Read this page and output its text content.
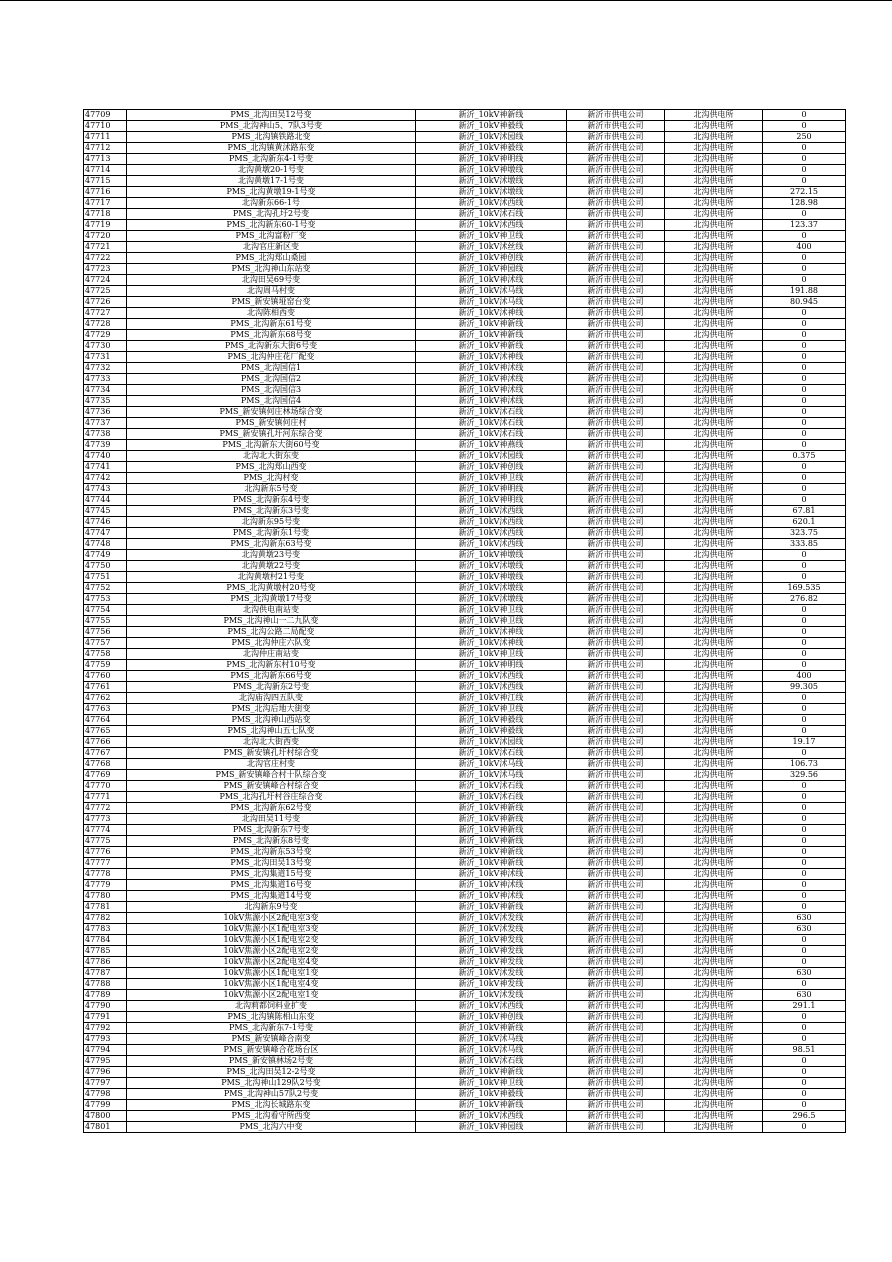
47709	PMS_北沟田吴12号变	新沂_10kV神新线	新沂市供电公司	北沟供电所	0
47710	PMS_北沟神山5、7队3号变	新沂_10kV神毅线	新沂市供电公司	北沟供电所	0
47711	PMS_北沟镇铁路北变	新沂_10kV沭园线	新沂市供电公司	北沟供电所	250
47712	PMS_北沟镇黄沭路东变	新沂_10kV神毅线	新沂市供电公司	北沟供电所	0
47713	PMS_北沟新东4-1号变	新沂_10kV神明线	新沂市供电公司	北沟供电所	0
47714	北沟黄墩20-1号变	新沂_10kV神墩线	新沂市供电公司	北沟供电所	0
47715	北沟黄墩17-1号变	新沂_10kV沭墩线	新沂市供电公司	北沟供电所	0
47716	PMS_北沟黄墩19-1号变	新沂_10kV沭墩线	新沂市供电公司	北沟供电所	272.15
47717	北沟新东66-1号	新沂_10kV沭西线	新沂市供电公司	北沟供电所	128.98
47718	PMS_北沟孔圩2号变	新沂_10kV沭石线	新沂市供电公司	北沟供电所	0
47719	PMS_北沟新东60-1号变	新沂_10kV沭西线	新沂市供电公司	北沟供电所	123.37
47720	PMS_北沟富粉厂变	新沂_10kV神卫线	新沂市供电公司	北沟供电所	0
47721	北沟官庄新区变	新沂_10kV沭丝线	新沂市供电公司	北沟供电所	400
47722	PMS_北沟郑山桑园	新沂_10kV神创线	新沂市供电公司	北沟供电所	0
47723	PMS_北沟神山东站变	新沂_10kV神园线	新沂市供电公司	北沟供电所	0
47724	北沟田吴69号变	新沂_10kV神沭线	新沂市供电公司	北沟供电所	0
47725	北沟周马村变	新沂_10kV沭马线	新沂市供电公司	北沟供电所	191.88
47726	PMS_新安镇垭窑台变	新沂_10kV沭马线	新沂市供电公司	北沟供电所	80.945
47727	北沟陈相西变	新沂_10kV沭神线	新沂市供电公司	北沟供电所	0
47728	PMS_北沟新东61号变	新沂_10kV神新线	新沂市供电公司	北沟供电所	0
47729	PMS_北沟新东68号变	新沂_10kV神新线	新沂市供电公司	北沟供电所	0
47730	PMS_北沟新东大街6号变	新沂_10kV神新线	新沂市供电公司	北沟供电所	0
47731	PMS_北沟仲庄花厂配变	新沂_10kV沭神线	新沂市供电公司	北沟供电所	0
47732	PMS_北沟国信1	新沂_10kV神沭线	新沂市供电公司	北沟供电所	0
47733	PMS_北沟国信2	新沂_10kV神沭线	新沂市供电公司	北沟供电所	0
47734	PMS_北沟国信3	新沂_10kV神沭线	新沂市供电公司	北沟供电所	0
47735	PMS_北沟国信4	新沂_10kV神沭线	新沂市供电公司	北沟供电所	0
47736	PMS_新安镇何庄林场综合变	新沂_10kV沭石线	新沂市供电公司	北沟供电所	0
47737	PMS_新安镇何庄村	新沂_10kV沭石线	新沂市供电公司	北沟供电所	0
47738	PMS_新安镇孔圩河东综合变	新沂_10kV沭石线	新沂市供电公司	北沟供电所	0
47739	PMS_北沟新东大街60号变	新沂_10kV神燕线	新沂市供电公司	北沟供电所	0
47740	北沟北大街东变	新沂_10kV沭园线	新沂市供电公司	北沟供电所	0.375
47741	PMS_北沟郑山西变	新沂_10kV神创线	新沂市供电公司	北沟供电所	0
47742	PMS_北沟村变	新沂_10kV神卫线	新沂市供电公司	北沟供电所	0
47743	北沟新东5号变	新沂_10kV神明线	新沂市供电公司	北沟供电所	0
47744	PMS_北沟新东4号变	新沂_10kV神明线	新沂市供电公司	北沟供电所	0
47745	PMS_北沟新东3号变	新沂_10kV沭西线	新沂市供电公司	北沟供电所	67.81
47746	北沟新东95号变	新沂_10kV沭西线	新沂市供电公司	北沟供电所	620.1
47747	PMS_北沟新东1号变	新沂_10kV沭西线	新沂市供电公司	北沟供电所	323.75
47748	PMS_北沟新东63号变	新沂_10kV沭西线	新沂市供电公司	北沟供电所	333.85
47749	北沟黄墩23号变	新沂_10kV神墩线	新沂市供电公司	北沟供电所	0
47750	北沟黄墩22号变	新沂_10kV沭墩线	新沂市供电公司	北沟供电所	0
47751	北沟黄墩村21号变	新沂_10kV神墩线	新沂市供电公司	北沟供电所	0
47752	PMS_北沟黄墩村20号变	新沂_10kV沭墩线	新沂市供电公司	北沟供电所	169.535
47753	PMS_北沟黄墩17号变	新沂_10kV沭墩线	新沂市供电公司	北沟供电所	276.82
47754	北沟供电南站变	新沂_10kV神卫线	新沂市供电公司	北沟供电所	0
47755	PMS_北沟神山一二九队变	新沂_10kV神卫线	新沂市供电公司	北沟供电所	0
47756	PMS_北沟公路二局配变	新沂_10kV沭神线	新沂市供电公司	北沟供电所	0
47757	PMS_北沟仲庄六队变	新沂_10kV沭神线	新沂市供电公司	北沟供电所	0
47758	北沟仲庄南站变	新沂_10kV神卫线	新沂市供电公司	北沟供电所	0
47759	PMS_北沟新东村10号变	新沂_10kV神明线	新沂市供电公司	北沟供电所	0
47760	PMS_北沟新东66号变	新沂_10kV沭西线	新沂市供电公司	北沟供电所	400
47761	PMS_北沟新东2号变	新沂_10kV沭西线	新沂市供电公司	北沟供电所	99.305
47762	北沟庙沟四五队变	新沂_10kV神江线	新沂市供电公司	北沟供电所	0
47763	PMS_北沟后地大街变	新沂_10kV神卫线	新沂市供电公司	北沟供电所	0
47764	PMS_北沟神山西站变	新沂_10kV神毅线	新沂市供电公司	北沟供电所	0
47765	PMS_北沟神山五七队变	新沂_10kV神毅线	新沂市供电公司	北沟供电所	0
47766	北沟北大街西变	新沂_10kV沭园线	新沂市供电公司	北沟供电所	19.17
47767	PMS_新安镇孔圩村综合变	新沂_10kV沭石线	新沂市供电公司	北沟供电所	0
47768	北沟官庄村变	新沂_10kV沭马线	新沂市供电公司	北沟供电所	106.73
47769	PMS_新安镇峰合村十队综合变	新沂_10kV沭马线	新沂市供电公司	北沟供电所	329.56
47770	PMS_新安镇峰合村综合变	新沂_10kV沭石线	新沂市供电公司	北沟供电所	0
47771	PMS_北沟孔圩村谷庄综合变	新沂_10kV沭石线	新沂市供电公司	北沟供电所	0
47772	PMS_北沟新东62号变	新沂_10kV神新线	新沂市供电公司	北沟供电所	0
47773	北沟田吴11号变	新沂_10kV神新线	新沂市供电公司	北沟供电所	0
47774	PMS_北沟新东7号变	新沂_10kV神新线	新沂市供电公司	北沟供电所	0
47775	PMS_北沟新东8号变	新沂_10kV神新线	新沂市供电公司	北沟供电所	0
47776	PMS_北沟新东53号变	新沂_10kV神新线	新沂市供电公司	北沟供电所	0
47777	PMS_北沟田吴13号变	新沂_10kV神新线	新沂市供电公司	北沟供电所	0
47778	PMS_北沟集道15号变	新沂_10kV神沭线	新沂市供电公司	北沟供电所	0
47779	PMS_北沟集道16号变	新沂_10kV神沭线	新沂市供电公司	北沟供电所	0
47780	PMS_北沟集道14号变	新沂_10kV神沭线	新沂市供电公司	北沟供电所	0
47781	北沟新东9号变	新沂_10kV神新线	新沂市供电公司	北沟供电所	0
47782	10kV焦源小区2配电室3变	新沂_10kV沭发线	新沂市供电公司	北沟供电所	630
47783	10kV焦源小区1配电室3变	新沂_10kV沭发线	新沂市供电公司	北沟供电所	630
47784	10kV焦源小区1配电室2变	新沂_10kV神发线	新沂市供电公司	北沟供电所	0
47785	10kV焦源小区2配电室2变	新沂_10kV神发线	新沂市供电公司	北沟供电所	0
47786	10kV焦源小区2配电室4变	新沂_10kV神发线	新沂市供电公司	北沟供电所	0
47787	10kV焦源小区1配电室1变	新沂_10kV沭发线	新沂市供电公司	北沟供电所	630
47788	10kV焦源小区1配电室4变	新沂_10kV神发线	新沂市供电公司	北沟供电所	0
47789	10kV焦源小区2配电室1变	新沂_10kV沭发线	新沂市供电公司	北沟供电所	630
47790	北沟莉都饲料业扩变	新沂_10kV沭西线	新沂市供电公司	北沟供电所	291.1
47791	PMS_北沟镇陈相山东变	新沂_10kV神创线	新沂市供电公司	北沟供电所	0
47792	PMS_北沟新东7-1号变	新沂_10kV神新线	新沂市供电公司	北沟供电所	0
47793	PMS_新安镇峰合南变	新沂_10kV沭马线	新沂市供电公司	北沟供电所	0
47794	PMS_新安镇峰合花场台区	新沂_10kV沭马线	新沂市供电公司	北沟供电所	98.51
47795	PMS_新安镇林场2号变	新沂_10kV沭石线	新沂市供电公司	北沟供电所	0
47796	PMS_北沟田吴12-2号变	新沂_10kV神新线	新沂市供电公司	北沟供电所	0
47797	PMS_北沟神山129队2号变	新沂_10kV神卫线	新沂市供电公司	北沟供电所	0
47798	PMS_北沟神山57队2号变	新沂_10kV神毅线	新沂市供电公司	北沟供电所	0
47799	PMS_北沟长城路东变	新沂_10kV神新线	新沂市供电公司	北沟供电所	0
47800	PMS_北沟看守所西变	新沂_10kV沭西线	新沂市供电公司	北沟供电所	296.5
47801	PMS_北沟六中变	新沂_10kV神园线	新沂市供电公司	北沟供电所	0
